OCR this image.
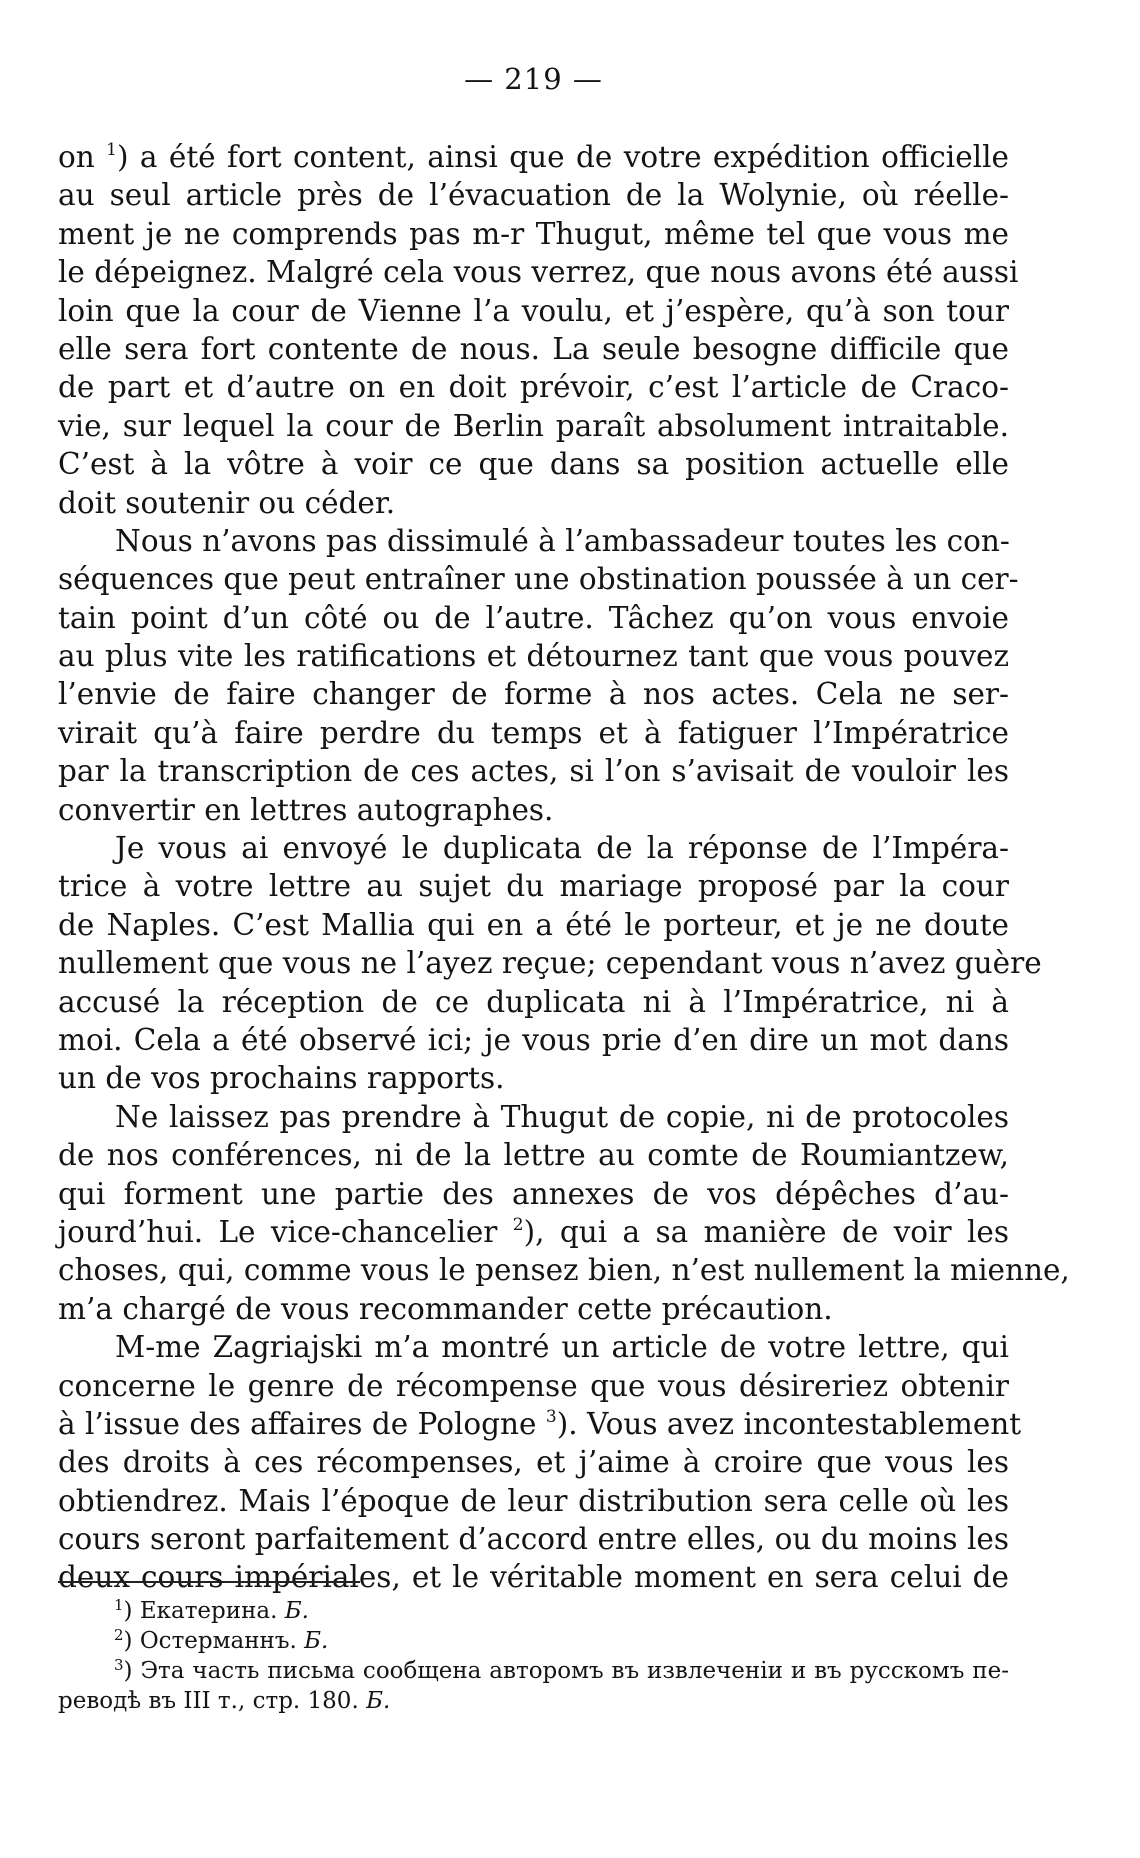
— 219 —
on $^1$) a été fort content, ainsi que de votre expédition officielle
au seul article près de l’évacuation de la Wolynie, où réelle-
ment je ne comprends pas m-r Thugut, même tel que vous me
le dépeignez. Malgré cela vous verrez, que nous avons été aussi
loin que la cour de Vienne l’a voulu, et j’espère, qu’à son tour
elle sera fort contente de nous. La seule besogne difficile que
de part et d’autre on en doit prévoir, c’est l’article de Craco-
vie, sur lequel la cour de Berlin paraît absolument intraitable.
C’est à la vôtre à voir ce que dans sa position actuelle elle
doit soutenir ou céder.
Nous n’avons pas dissimulé à l’ambassadeur toutes les con-
séquences que peut entraîner une obstination poussée à un cer-
tain point d’un côté ou de l’autre. Tâchez qu’on vous envoie
au plus vite les ratifications et détournez tant que vous pouvez
l’envie de faire changer de forme à nos actes. Cela ne ser-
virait qu’à faire perdre du temps et à fatiguer l’Impératrice
par la transcription de ces actes, si l’on s’avisait de vouloir les
convertir en lettres autographes.
Je vous ai envoyé le duplicata de la réponse de l’Impéra-
trice à votre lettre au sujet du mariage proposé par la cour
de Naples. C’est Mallia qui en a été le porteur, et je ne doute
nullement que vous ne l’ayez reçue; cependant vous n’avez guère
accusé la réception de ce duplicata ni à l’Impératrice, ni à
moi. Cela a été observé ici; je vous prie d’en dire un mot dans
un de vos prochains rapports.
Ne laissez pas prendre à Thugut de copie, ni de protocoles
de nos conférences, ni de la lettre au comte de Roumiantzew,
qui forment une partie des annexes de vos dépêches d’au-
jourd’hui. Le vice-chancelier $^2$), qui a sa manière de voir les
choses, qui, comme vous le pensez bien, n’est nullement la mienne,
m’a chargé de vous recommander cette précaution.
M-me Zagriajski m’a montré un article de votre lettre, qui
concerne le genre de récompense que vous désireriez obtenir
à l’issue des affaires de Pologne $^3$). Vous avez incontestablement
des droits à ces récompenses, et j’aime à croire que vous les
obtiendrez. Mais l’époque de leur distribution sera celle où les
cours seront parfaitement d’accord entre elles, ou du moins les
deux cours impériales, et le véritable moment en sera celui de
$^1$) Екатерина. Б.
$^2$) Остерманнъ. Б.
$^3$) Эта часть письма сообщена авторомъ въ извлеченіи и въ русскомъ пе-
реводѣ въ III т., стр. 180. Б.
